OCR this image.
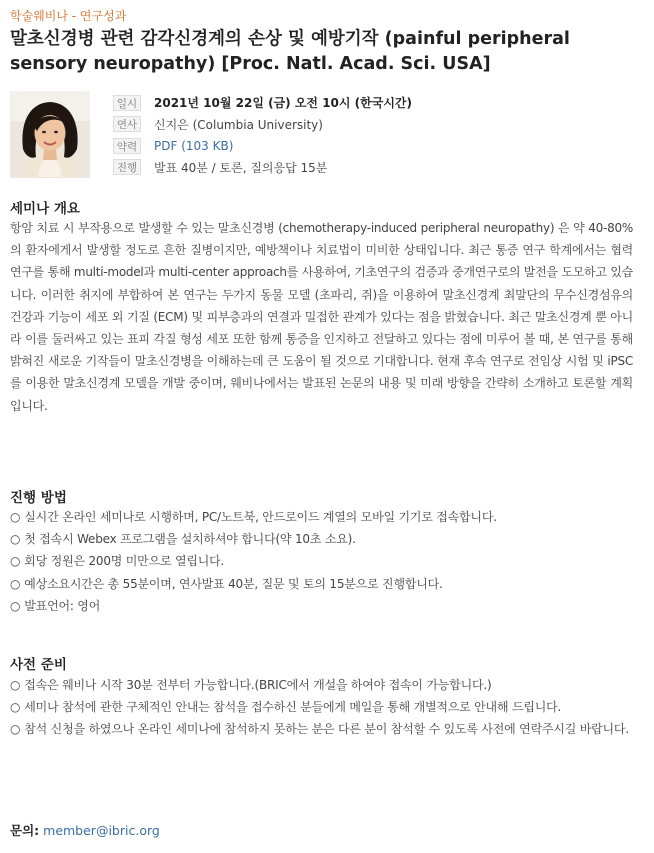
학술웨비나 - 연구성과
말초신경병 관련 감각신경계의 손상 및 예방기작 (painful peripheral sensory neuropathy) [Proc. Natl. Acad. Sci. USA]
일시	2021년 10월 22일 (금) 오전 10시 (한국시간)
연사	신지은 (Columbia University)
약력	PDF (103 KB)
진행	발표 40분 / 토론, 질의응답 15분
세미나 개요

항암 치료 시 부작용으로 발생할 수 있는 말초신경병 (chemotherapy-induced peripheral neuropathy) 은 약 40-80%의 환자에게서 발생할 정도로 흔한 질병이지만, 예방책이나 치료법이 미비한 상태입니다. 최근 통증 연구 학계에서는 협력 연구를 통해 multi-model과 multi-center approach를 사용하여, 기초연구의 검증과 중개연구로의 발전을 도모하고 있습니다. 이러한 취지에 부합하여 본 연구는 두가지 동물 모델 (초파리, 쥐)을 이용하여 말초신경계 최말단의 무수신경섬유의 건강과 기능이 세포 외 기질 (ECM) 및 피부층과의 연결과 밀접한 관계가 있다는 점을 밝혔습니다. 최근 말초신경계 뿐 아니라 이를 둘러싸고 있는 표피 각질 형성 세포 또한 함께 통증을 인지하고 전달하고 있다는 점에 미루어 볼 때, 본 연구를 통해 밝혀진 새로운 기작들이 말초신경병을 이해하는데 큰 도움이 될 것으로 기대합니다. 현재 후속 연구로 전임상 시험 및 iPSC를 이용한 말초신경계 모델을 개발 중이며, 웨비나에서는 발표된 논문의 내용 및 미래 방향을 간략히 소개하고 토론할 계획입니다.

진행 방법
○ 실시간 온라인 세미나로 시행하며, PC/노트북, 안드로이드 계열의 모바일 기기로 접속합니다.
○ 첫 접속시 Webex 프로그램을 설치하셔야 합니다(약 10초 소요).
○ 회당 정원은 200명 미만으로 열립니다.
○ 예상소요시간은 총 55분이며, 연사발표 40분, 질문 및 토의 15분으로 진행합니다.
○ 발표언어: 영어
사전 준비
○ 접속은 웨비나 시작 30분 전부터 가능합니다.(BRIC에서 개설을 하여야 접속이 가능합니다.)
○ 세미나 참석에 관한 구체적인 안내는 참석을 접수하신 분들에게 메일을 통해 개별적으로 안내해 드립니다.
○ 참석 신청을 하였으나 온라인 세미나에 참석하지 못하는 분은 다른 분이 참석할 수 있도록 사전에 연락주시길 바랍니다.
문의: member@ibric.org
